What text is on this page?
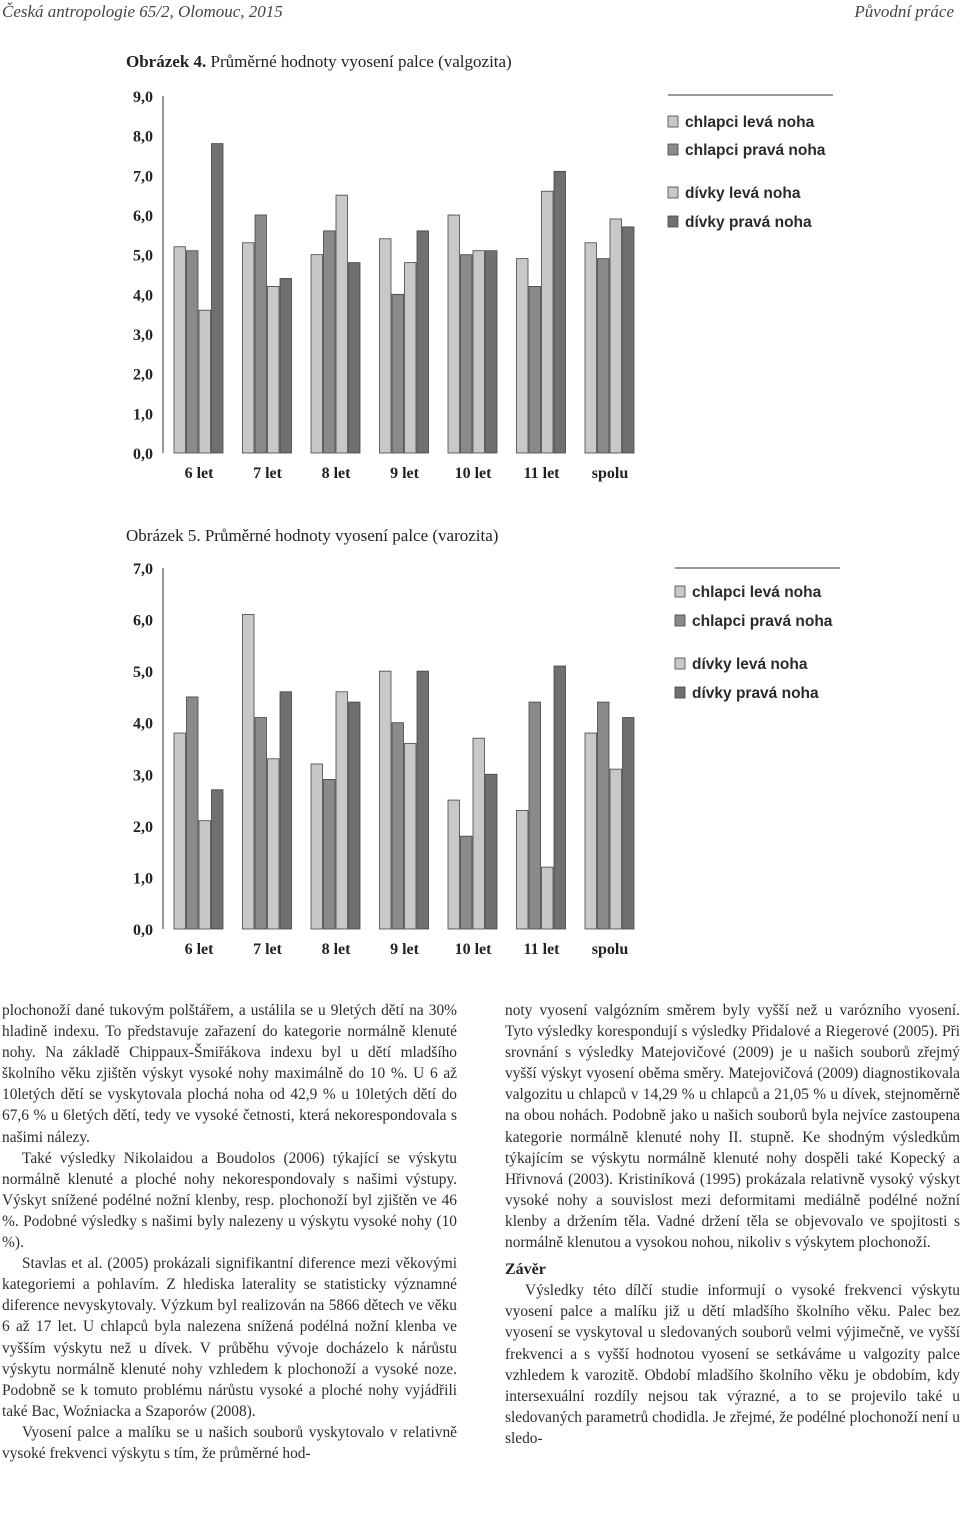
Česká antropologie 65/2, Olomouc, 2015	Původní práce
Obrázek 4. Průměrné hodnoty vyosení palce (valgozita)
0,0
1,0
2,0
3,0
4,0
5,0
6,0
7,0
8,0
9,0
6 let 7 let 8 let 9 let 10 let 11 let spolu
chlapci levá noha
chlapci pravá noha
dívky levá noha
dívky pravá noha
Obrázek 5. Průměrné hodnoty vyosení palce (varozita)
0,0
1,0
2,0
3,0
4,0
5,0
6,0
7,0
6 let 7 let 8 let 9 let 10 let 11 let spolu
chlapci levá noha
chlapci pravá noha
dívky levá noha
dívky pravá noha

plochonoží dané tukovým polštářem, a ustálila se u 9letých dětí na 30% hladině indexu. To představuje zařazení do kategorie normálně klenuté nohy. Na základě Chippaux-Šmiřákova indexu byl u dětí mladšího školního věku zjištěn výskyt vysoké nohy maximálně do 10 %. U 6 až 10letých dětí se vyskytovala plochá noha od 42,9 % u 10letých dětí do 67,6 % u 6letých dětí, tedy ve vysoké četnosti, která nekorespondovala s našimi nálezy.

Také výsledky Nikolaidou a Boudolos (2006) týkající se výskytu normálně klenuté a ploché nohy nekorespondovaly s našimi výstupy. Výskyt snížené podélné nožní klenby, resp. plochonoží byl zjištěn ve 46 %. Podobné výsledky s našimi byly nalezeny u výskytu vysoké nohy (10 %).

Stavlas et al. (2005) prokázali signifikantní diference mezi věkovými kategoriemi a pohlavím. Z hlediska laterality se statisticky významné diference nevyskytovaly. Výzkum byl realizován na 5866 dětech ve věku 6 až 17 let. U chlapců byla nalezena snížená podélná nožní klenba ve vyšším výskytu než u dívek. V průběhu vývoje docházelo k nárůstu výskytu normálně klenuté nohy vzhledem k plochonoží a vysoké noze. Podobně se k tomuto problému nárůstu vysoké a ploché nohy vyjádřili také Bac, Woźniacka a Szaporów (2008).

Vyosení palce a malíku se u našich souborů vyskytovalo v relativně vysoké frekvenci výskytu s tím, že průměrné hod-

noty vyosení valgózním směrem byly vyšší než u varózního vyosení. Tyto výsledky korespondují s výsledky Přidalové a Riegerové (2005). Při srovnání s výsledky Matejovičové (2009) je u našich souborů zřejmý vyšší výskyt vyosení oběma směry. Matejovičová (2009) diagnostikovala valgozitu u chlapců v 14,29 % u chlapců a 21,05 % u dívek, stejnoměrně na obou nohách. Podobně jako u našich souborů byla nejvíce zastoupena kategorie normálně klenuté nohy II. stupně. Ke shodným výsledkům týkajícím se výskytu normálně klenuté nohy dospěli také Kopecký a Hřivnová (2003). Kristiníková (1995) prokázala relativně vysoký výskyt vysoké nohy a souvislost mezi deformitami mediálně podélné nožní klenby a držením těla. Vadné držení těla se objevovalo ve spojitosti s normálně klenutou a vysokou nohou, nikoliv s výskytem plochonoží.

Závěr

Výsledky této dílčí studie informují o vysoké frekvenci výskytu vyosení palce a malíku již u dětí mladšího školního věku. Palec bez vyosení se vyskytoval u sledovaných souborů velmi výjimečně, ve vyšší frekvenci a s vyšší hodnotou vyosení se setkáváme u valgozity palce vzhledem k varozitě. Období mladšího školního věku je obdobím, kdy intersexuální rozdíly nejsou tak výrazné, a to se projevilo také u sledovaných parametrů chodidla. Je zřejmé, že podélné plochonoží není u sledo-
